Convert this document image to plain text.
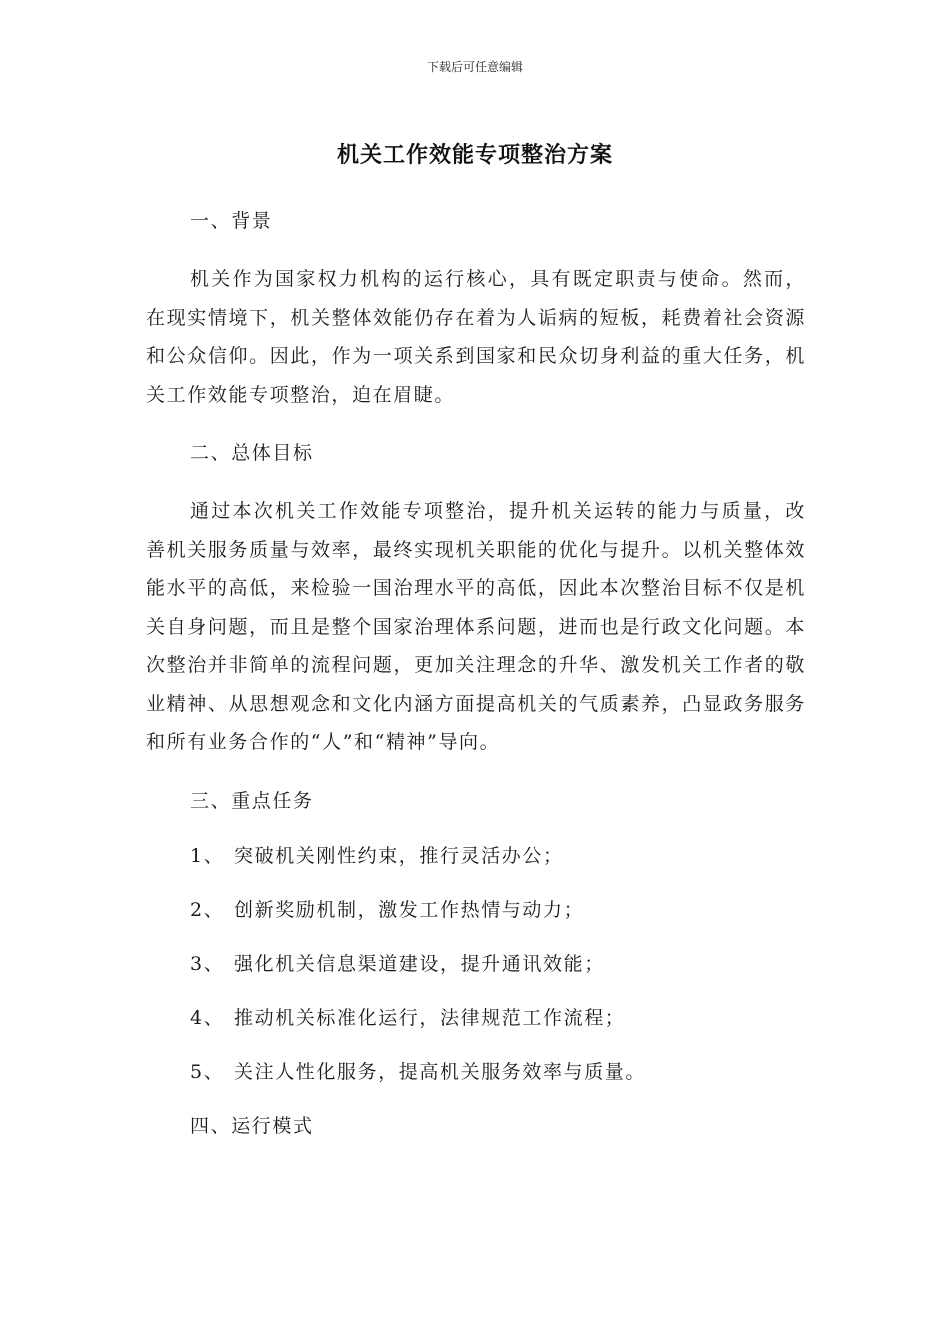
下载后可任意编辑
机关工作效能专项整治方案
一、背景

机关作为国家权力机构的运行核心，具有既定职责与使命。然而，在现实情境下，机关整体效能仍存在着为人诟病的短板，耗费着社会资源和公众信仰。因此，作为一项关系到国家和民众切身利益的重大任务，机关工作效能专项整治，迫在眉睫。

二、总体目标

通过本次机关工作效能专项整治，提升机关运转的能力与质量，改善机关服务质量与效率，最终实现机关职能的优化与提升。以机关整体效能水平的高低，来检验一国治理水平的高低，因此本次整治目标不仅是机关自身问题，而且是整个国家治理体系问题，进而也是行政文化问题。本次整治并非简单的流程问题，更加关注理念的升华、激发机关工作者的敬业精神、从思想观念和文化内涵方面提高机关的气质素养，凸显政务服务和所有业务合作的“人”和“精神”导向。

三、重点任务
1、 突破机关刚性约束，推行灵活办公；
2、 创新奖励机制，激发工作热情与动力；
3、 强化机关信息渠道建设，提升通讯效能；
4、 推动机关标准化运行，法律规范工作流程；
5、 关注人性化服务，提高机关服务效率与质量。
四、运行模式
